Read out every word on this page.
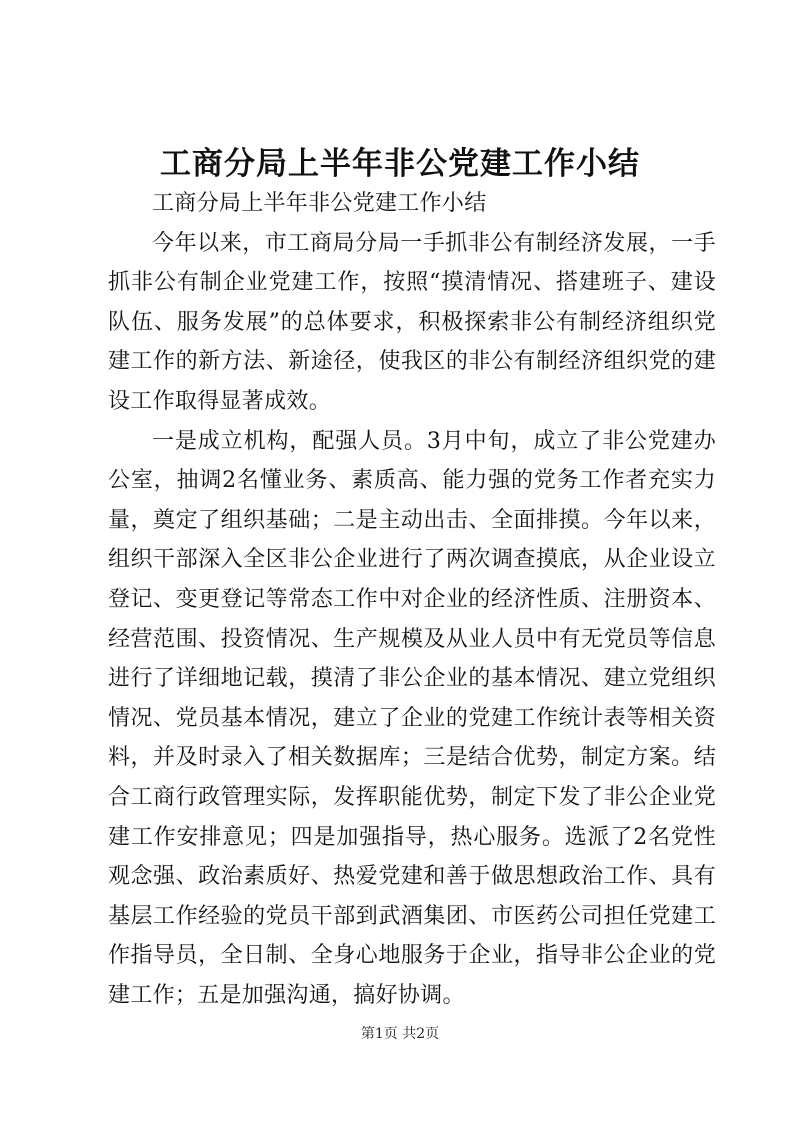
工商分局上半年非公党建工作小结

工商分局上半年非公党建工作小结

今年以来，市工商局分局一手抓非公有制经济发展，一手抓非公有制企业党建工作，按照“摸清情况、搭建班子、建设队伍、服务发展”的总体要求，积极探索非公有制经济组织党建工作的新方法、新途径，使我区的非公有制经济组织党的建设工作取得显著成效。

一是成立机构，配强人员。3月中旬，成立了非公党建办公室，抽调2名懂业务、素质高、能力强的党务工作者充实力量，奠定了组织基础；二是主动出击、全面排摸。今年以来，组织干部深入全区非公企业进行了两次调查摸底，从企业设立登记、变更登记等常态工作中对企业的经济性质、注册资本、经营范围、投资情况、生产规模及从业人员中有无党员等信息进行了详细地记载，摸清了非公企业的基本情况、建立党组织情况、党员基本情况，建立了企业的党建工作统计表等相关资料，并及时录入了相关数据库；三是结合优势，制定方案。结合工商行政管理实际，发挥职能优势，制定下发了非公企业党建工作安排意见；四是加强指导，热心服务。选派了2名党性观念强、政治素质好、热爱党建和善于做思想政治工作、具有基层工作经验的党员干部到武酒集团、市医药公司担任党建工作指导员，全日制、全身心地服务于企业，指导非公企业的党建工作；五是加强沟通，搞好协调。

第1页 共2页
